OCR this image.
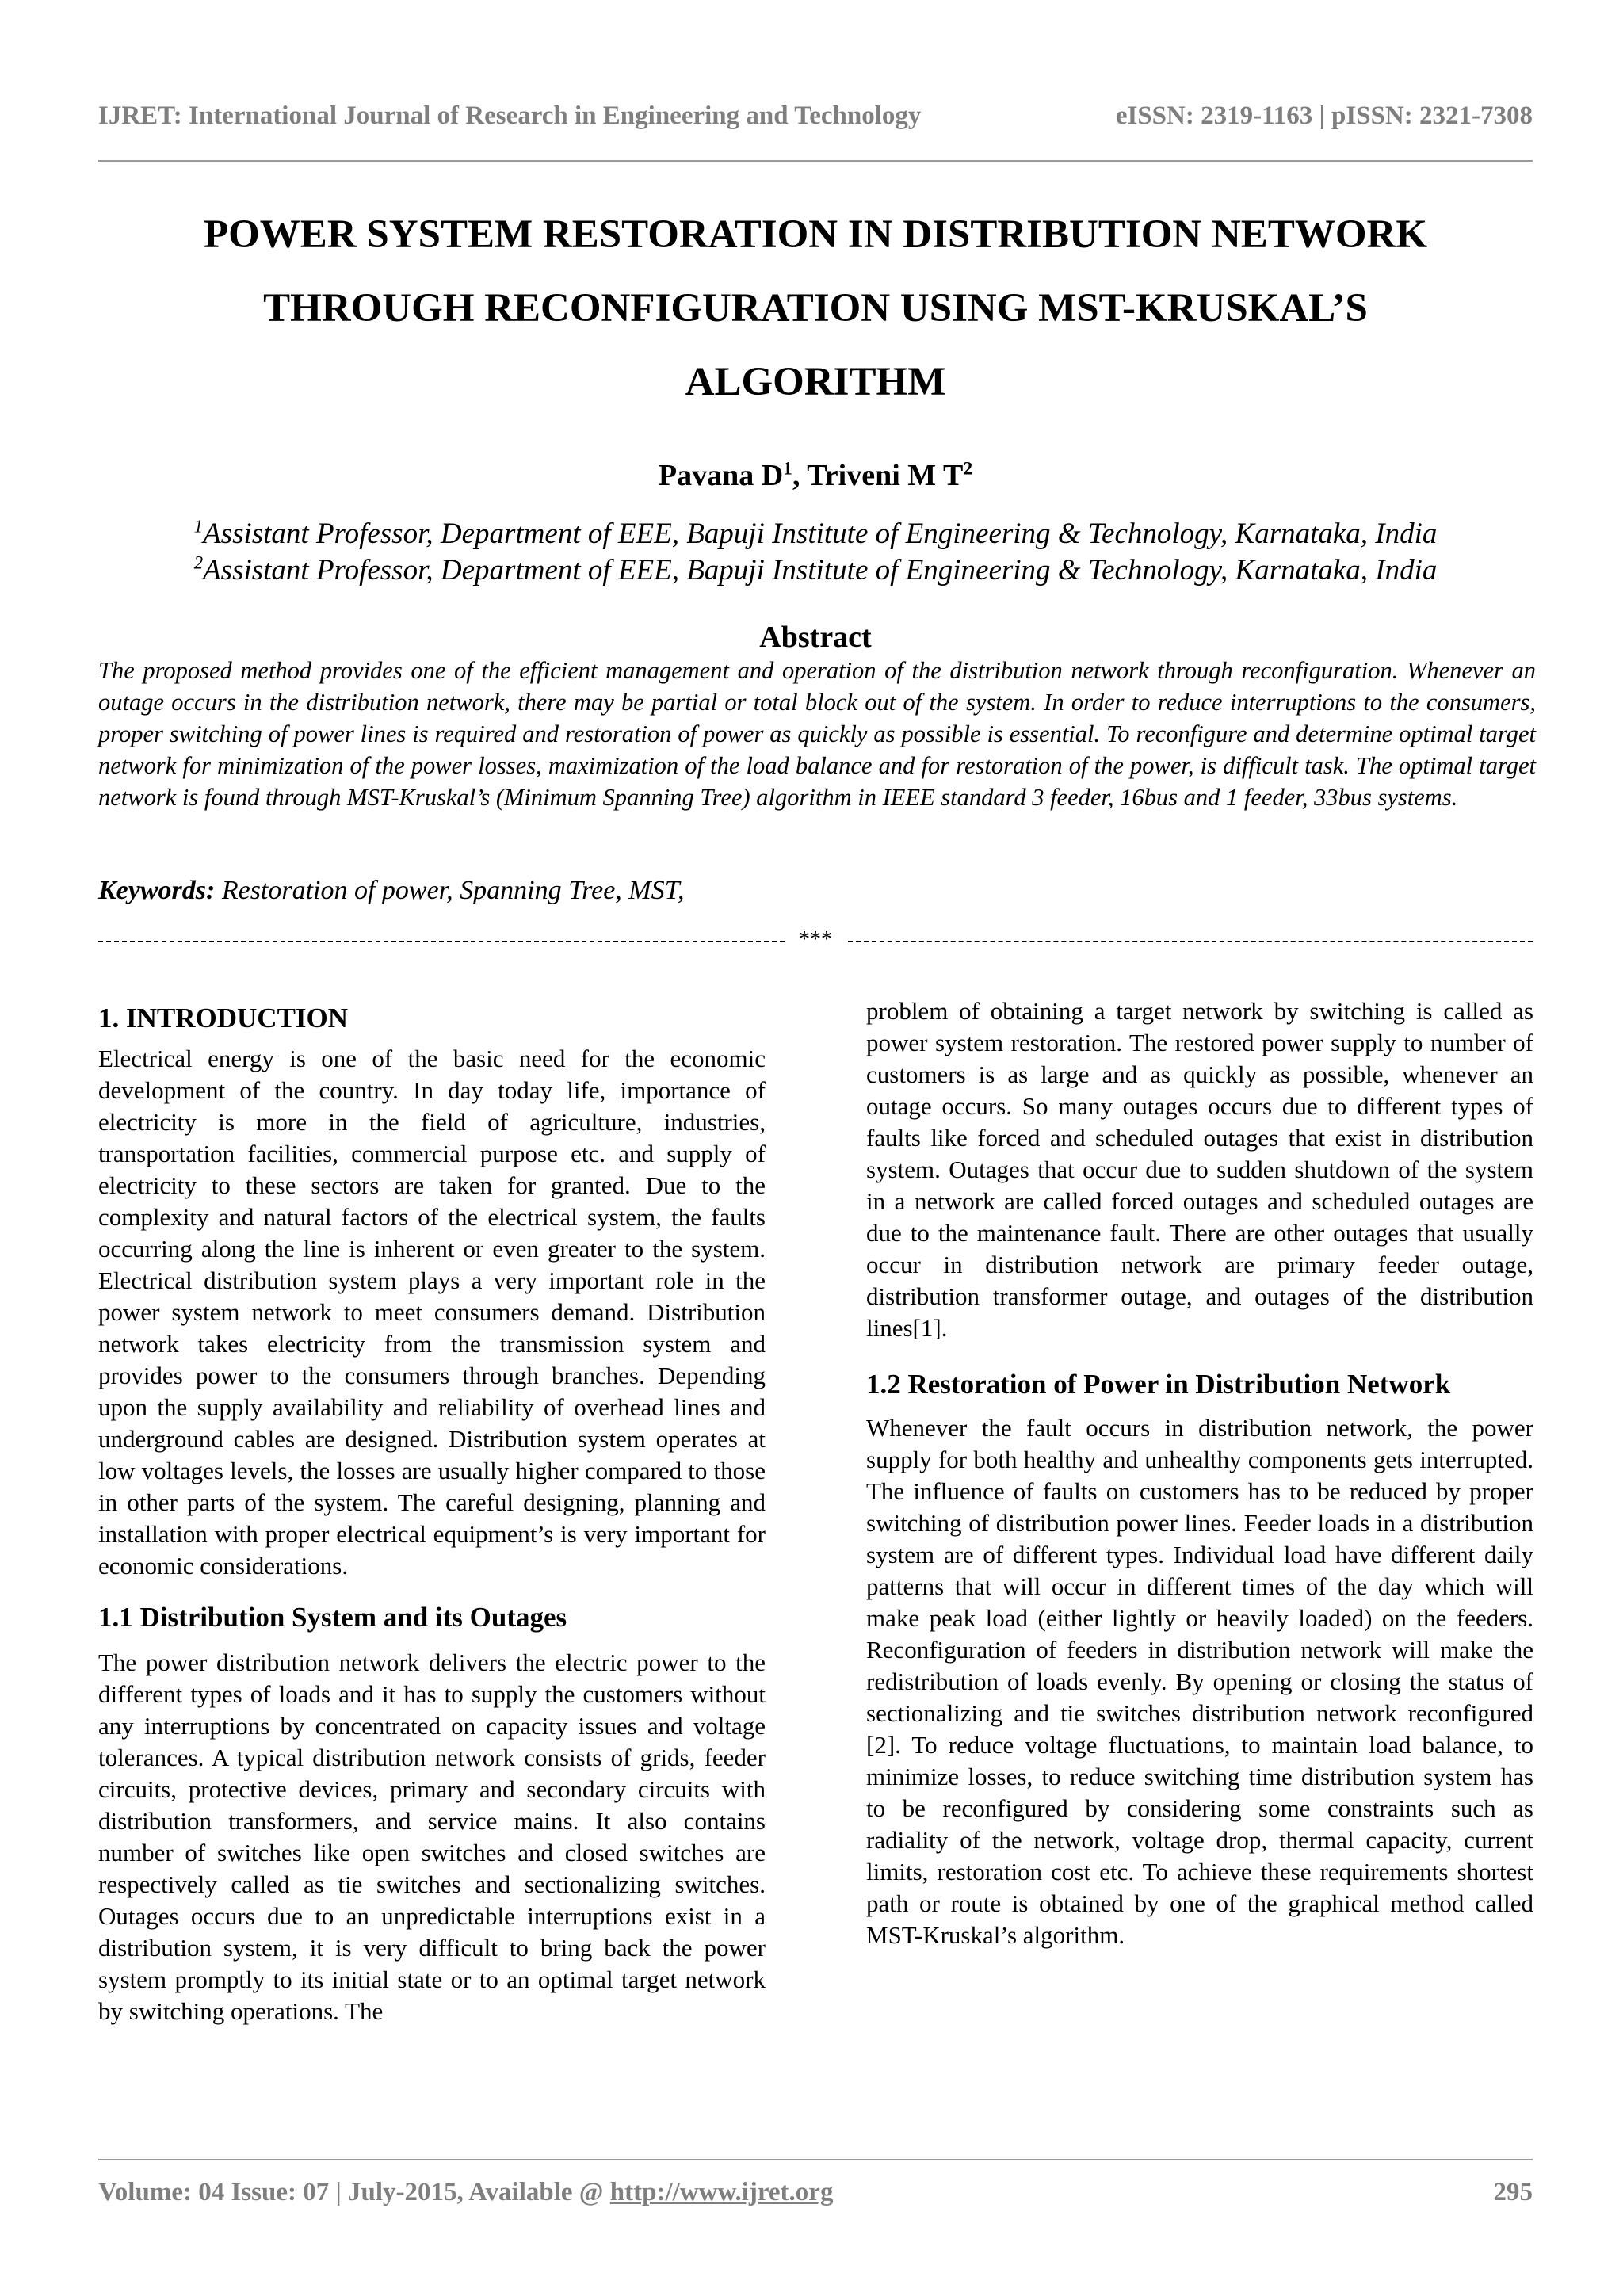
IJRET: International Journal of Research in Engineering and Technology	eISSN: 2319-1163 | pISSN: 2321-7308
POWER SYSTEM RESTORATION IN DISTRIBUTION NETWORK
THROUGH RECONFIGURATION USING MST-KRUSKAL’S
ALGORITHM
Pavana $D^1$, Triveni M $T^2$
$^1$Assistant Professor, Department of EEE, Bapuji Institute of Engineering & Technology, Karnataka, India
$^2$Assistant Professor, Department of EEE, Bapuji Institute of Engineering & Technology, Karnataka, India
Abstract

The proposed method provides one of the efficient management and operation of the distribution network through reconfiguration. Whenever an outage occurs in the distribution network, there may be partial or total block out of the system. In order to reduce interruptions to the consumers, proper switching of power lines is required and restoration of power as quickly as possible is essential. To reconfigure and determine optimal target network for minimization of the power losses, maximization of the load balance and for restoration of the power, is difficult task. The optimal target network is found through MST-Kruskal’s (Minimum Spanning Tree) algorithm in IEEE standard 3 feeder, 16bus and 1 feeder, 33bus systems.

Keywords: Restoration of power, Spanning Tree, MST,
***
1. INTRODUCTION

Electrical energy is one of the basic need for the economic development of the country. In day today life, importance of electricity is more in the field of agriculture, industries, transportation facilities, commercial purpose etc. and supply of electricity to these sectors are taken for granted. Due to the complexity and natural factors of the electrical system, the faults occurring along the line is inherent or even greater to the system. Electrical distribution system plays a very important role in the power system network to meet consumers demand. Distribution network takes electricity from the transmission system and provides power to the consumers through branches. Depending upon the supply availability and reliability of overhead lines and underground cables are designed. Distribution system operates at low voltages levels, the losses are usually higher compared to those in other parts of the system. The careful designing, planning and installation with proper electrical equipment’s is very important for economic considerations.

1.1 Distribution System and its Outages

The power distribution network delivers the electric power to the different types of loads and it has to supply the customers without any interruptions by concentrated on capacity issues and voltage tolerances. A typical distribution network consists of grids, feeder circuits, protective devices, primary and secondary circuits with distribution transformers, and service mains. It also contains number of switches like open switches and closed switches are respectively called as tie switches and sectionalizing switches. Outages occurs due to an unpredictable interruptions exist in a distribution system, it is very difficult to bring back the power system promptly to its initial state or to an optimal target network by switching operations. The

problem of obtaining a target network by switching is called as power system restoration. The restored power supply to number of customers is as large and as quickly as possible, whenever an outage occurs. So many outages occurs due to different types of faults like forced and scheduled outages that exist in distribution system. Outages that occur due to sudden shutdown of the system in a network are called forced outages and scheduled outages are due to the maintenance fault. There are other outages that usually occur in distribution network are primary feeder outage, distribution transformer outage, and outages of the distribution lines[1].

1.2 Restoration of Power in Distribution Network

Whenever the fault occurs in distribution network, the power supply for both healthy and unhealthy components gets interrupted. The influence of faults on customers has to be reduced by proper switching of distribution power lines. Feeder loads in a distribution system are of different types. Individual load have different daily patterns that will occur in different times of the day which will make peak load (either lightly or heavily loaded) on the feeders. Reconfiguration of feeders in distribution network will make the redistribution of loads evenly. By opening or closing the status of sectionalizing and tie switches distribution network reconfigured [2]. To reduce voltage fluctuations, to maintain load balance, to minimize losses, to reduce switching time distribution system has to be reconfigured by considering some constraints such as radiality of the network, voltage drop, thermal capacity, current limits, restoration cost etc. To achieve these requirements shortest path or route is obtained by one of the graphical method called MST-Kruskal’s algorithm.

Volume: 04 Issue: 07 | July-2015, Available @ http://www.ijret.org	295
